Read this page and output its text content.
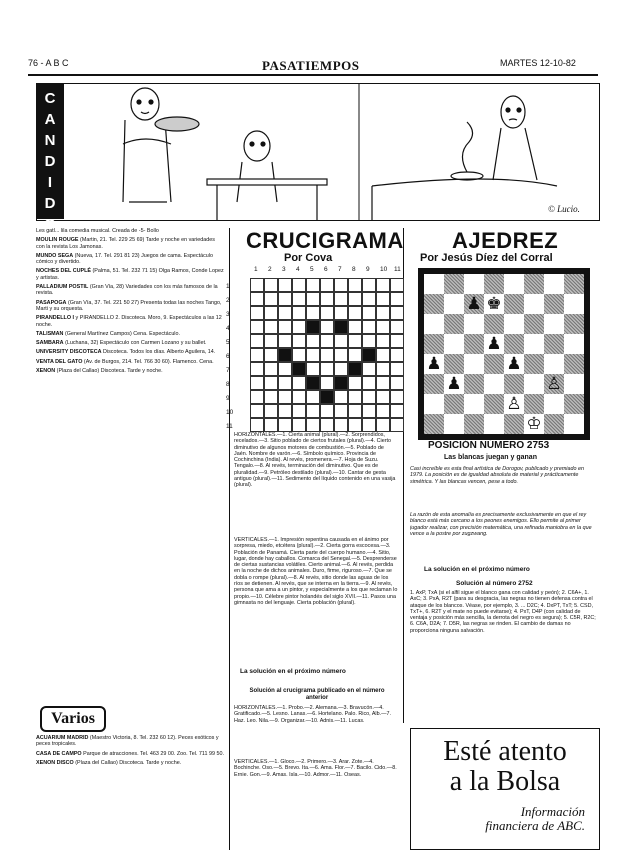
76 - A B C	PASATIEMPOS	MARTES 12-10-82
C
A
N
D
I
D
O
© Lucio.
Les gatl... lila comedia musical. Creada de -5- Bollo
MOULIN ROUGE (Martin, 21. Tel. 229 25 69) Tarde y noche en variedades con la revista Los Jamonas.
MUNDO SEGA (Nueva, 17. Tel. 291 81 23) Juegos de cama. Espectáculo cómico y divertido.
NOCHES DEL CUPLÉ (Palma, 51. Tel. 232 71 15) Olga Ramos, Conde Lopez y artistas.
PALLADIUM POSTIL (Gran Vía, 28) Variedades con los más famosos de la revista.
PASAPOGA (Gran Vía, 37. Tel. 221 50 27) Presenta todas las noches Tango, Marti y su orquesta.
PIRANDELLO I y PIRANDELLO 2. Discoteca. Moro, 9. Espectáculos a las 12 noche.
TALISMAN (General Martínez Campos) Cena. Espectáculo.
SAMBARA (Luchana, 32) Espectáculo con Carmen Lozano y su ballet.
UNIVERSITY DISCOTECA Discoteca. Todos los días. Alberto Aguilera, 14.
VENTA DEL GATO (Av. de Burgos, 214. Tel. 766 30 60). Flamenco. Cena.
XENON (Plaza del Callao) Discoteca. Tarde y noche.
Varios
ACUARIUM MADRID (Maestro Victoria, 8. Tel. 232 60 12). Peces exóticos y peces tropicales.
CASA DE CAMPO Parque de atracciones. Tel. 463 29 00. Zoo. Tel. 711 99 50.
XENON DISCO (Plaza del Callao) Discoteca. Tarde y noche.
CRUCIGRAMA
Por Cova
1 2 3 4 5 6 7 8 9 10 11
1
2
3
4
5
6
7
8
9
10
11
HORIZONTALES.—1. Cierta animal (plural).—2. Sorprendidos, recelados.—3. Sitio poblado de ciertos frutales (plural).—4. Cierto diminutivo de algunos motores de combustión.—5. Poblado de Jaén. Nombre de varón.—6. Símbolo químico. Provincia de Cochinchina (India). Al revés, promenera.—7. Hoja de Suzu. Tengalo.—8. Al revés, terminación del diminutivo. Que es de pluralidad.—9. Petróleo destilado (plural).—10. Cantar de gesta antiguo (plural).—11. Sedimento del líquido contenido en una vasija (plural).
VERTICALES.—1. Impresión repentina causada en el ánimo por sorpresa, miedo, etcétera (plural).—2. Cierta gorra escocesa.—3. Población de Panamá. Cierta parte del cuerpo humano.—4. Sitio, lugar, donde hay caballos. Comarca del Senegal.—5. Desprenderse de ciertas sustancias volátiles. Cierto animal.—6. Al revés, perdida en la noche de dichos animales. Duro, firme, riguroso.—7. Que se dobla o rompe (plural).—8. Al revés, sitio donde las aguas de los ríos se detienen. Al revés, que se interna en la tierra.—9. Al revés, persona que ama a un pintor, y especialmente a los que reclaman lo propio.—10. Célebre pintor holandés del siglo XVII.—11. Pasos una gimnasta no del lenguaje. Cierta población (plural).
La solución en el próximo número
Solución al crucigrama publicado en el número anterior
HORIZONTALES.—1. Probo.—2. Alemana.—3. Bravucón.—4. Gratificado.—5. Lesno. Lanas.—6. Hortelano. Palo. Rico, Alb.—7. Haz. Leo. Nila.—9. Organizar.—10. Adnis.—11. Lucas.
VERTICALES.—1. Gloco.—2. Primero.—3. Arar. Zote.—4. Bochinche. Oso.—5. Brevo. Ita.—6. Ama. Flor.—7. Bacilo. Cido.—8. Ernie. Gon.—9. Amas. Isla.—10. Admor.—11. Oseas.
AJEDREZ
Por Jesús Díez del Corral
♟ ♚
♟
♟	♟
♟	♙
♙
♔
POSICIÓN NÚMERO 2753
Las blancas juegan y ganan
Casi increíble es esta final artística de Dorogov, publicado y premiado en 1979. La posición es de igualdad absoluta de material y prácticamente simétrica. Y las blancas vencen, pese a todo.
La razón de esta anomalía es precisamente exclusivamente en que el rey blanco está más cercano a los peones enemigos. Ello permite al primer jugador realizar, con precisión matemática, una refinada maniobra en la que vence a la postre por zugzwang.
La solución en el próximo número
Solución al número 2752
1. AxP, TxA (si el alfil sigue el blanco gana con calidad y peón); 2. C6A+, 1. AxC; 3. PxA, R2T (para su desgracia, las negras no tienen defensa contra el ataque de los blancos. Véase, por ejemplo, 3. ... D2C; 4. DxPT, TxT; 5. CSD, TxT+, 6. R2T y el mate no puede evitarse); 4. PxT, D4P (con calidad de ventaja y posición más sencilla, la derrota del negro es segura); 5. C5R, R2C; 6. C6A, D2A; 7. D5R, las negras se rinden. El cambio de damas no proporciona ninguna salvación.
Esté atento
a la Bolsa
Información
financiera de ABC.
